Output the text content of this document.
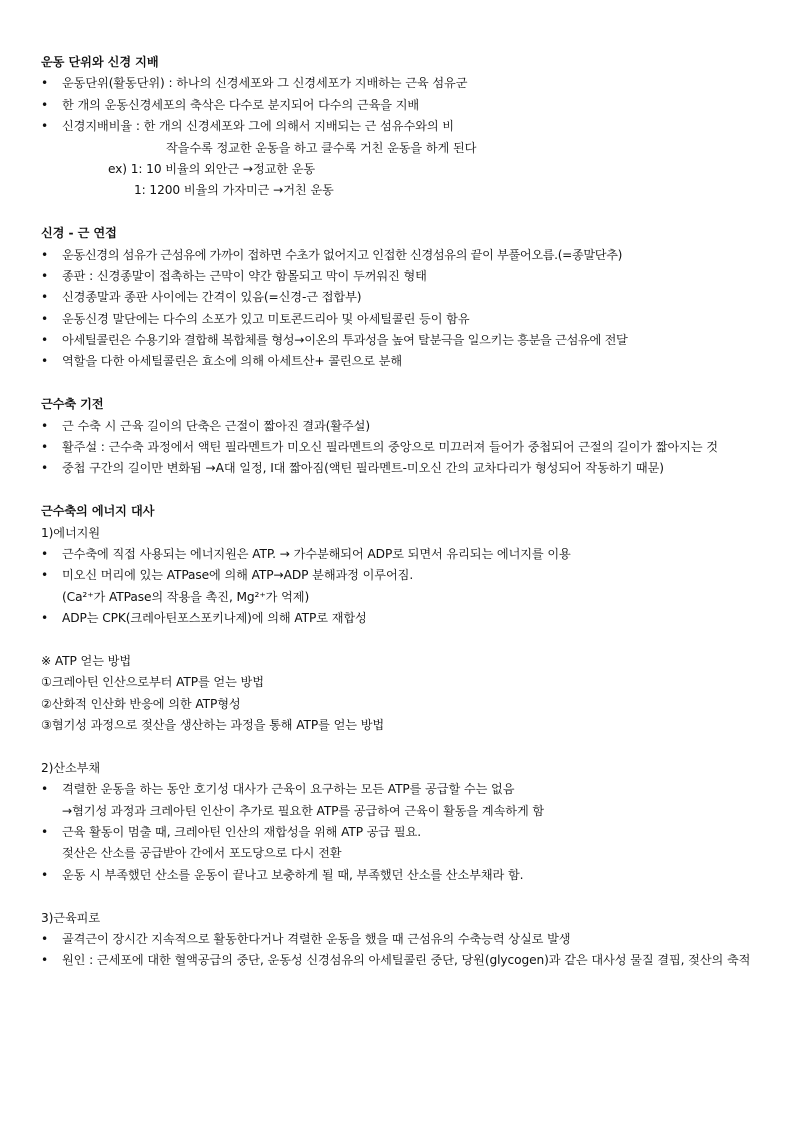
운동 단위와 신경 지배
• 운동단위(활동단위) : 하나의 신경세포와 그 신경세포가 지배하는 근육 섬유군
• 한 개의 운동신경세포의 축삭은 다수로 분지되어 다수의 근육을 지배
• 신경지배비율 : 한 개의 신경세포와 그에 의해서 지배되는 근 섬유수와의 비
작을수록 정교한 운동을 하고 클수록 거친 운동을 하게 된다
ex) 1: 10 비율의 외안근 →정교한 운동
1: 1200 비율의 가자미근 →거친 운동
신경 - 근 연접
• 운동신경의 섬유가 근섬유에 가까이 접하면 수초가 없어지고 인접한 신경섬유의 끝이 부풀어오름.(=종말단추)
• 종판 : 신경종말이 접촉하는 근막이 약간 함몰되고 막이 두꺼워진 형태
• 신경종말과 종판 사이에는 간격이 있음(=신경-근 접합부)
• 운동신경 말단에는 다수의 소포가 있고 미토콘드리아 및 아세틸콜린 등이 함유
• 아세틸콜린은 수용기와 결합해 복합체를 형성→이온의 투과성을 높여 탈분극을 일으키는 흥분을 근섬유에 전달
• 역할을 다한 아세틸콜린은 효소에 의해 아세트산+ 콜린으로 분해
근수축 기전
• 근 수축 시 근육 길이의 단축은 근절이 짧아진 결과(활주설)
• 활주설 : 근수축 과정에서 액틴 필라멘트가 미오신 필라멘트의 중앙으로 미끄러져 들어가 중첩되어 근절의 길이가 짧아지는 것
• 중첩 구간의 길이만 변화됨 →A대 일정, I대 짧아짐(액틴 필라멘트-미오신 간의 교차다리가 형성되어 작동하기 때문)
근수축의 에너지 대사
1)에너지원
• 근수축에 직접 사용되는 에너지원은 ATP. → 가수분해되어 ADP로 되면서 유리되는 에너지를 이용
• 미오신 머리에 있는 ATPase에 의해 ATP→ADP 분해과정 이루어짐.
(Ca²⁺가 ATPase의 작용을 촉진, Mg²⁺가 억제)
• ADP는 CPK(크레아틴포스포키나제)에 의해 ATP로 재합성
※ ATP 얻는 방법
①크레아틴 인산으로부터 ATP를 얻는 방법
②산화적 인산화 반응에 의한 ATP형성
③혐기성 과정으로 젖산을 생산하는 과정을 통해 ATP를 얻는 방법
2)산소부채
• 격렬한 운동을 하는 동안 호기성 대사가 근육이 요구하는 모든 ATP를 공급할 수는 없음
→혐기성 과정과 크레아틴 인산이 추가로 필요한 ATP를 공급하여 근육이 활동을 계속하게 함
• 근육 활동이 멈출 때, 크레아틴 인산의 재합성을 위해 ATP 공급 필요.
젖산은 산소를 공급받아 간에서 포도당으로 다시 전환
• 운동 시 부족했던 산소를 운동이 끝나고 보충하게 될 때, 부족했던 산소를 산소부채라 함.
3)근육피로
• 골격근이 장시간 지속적으로 활동한다거나 격렬한 운동을 했을 때 근섬유의 수축능력 상실로 발생
• 원인 : 근세포에 대한 혈액공급의 중단, 운동성 신경섬유의 아세틸콜린 중단, 당원(glycogen)과 같은 대사성 물질 결핍, 젖산의 축적
